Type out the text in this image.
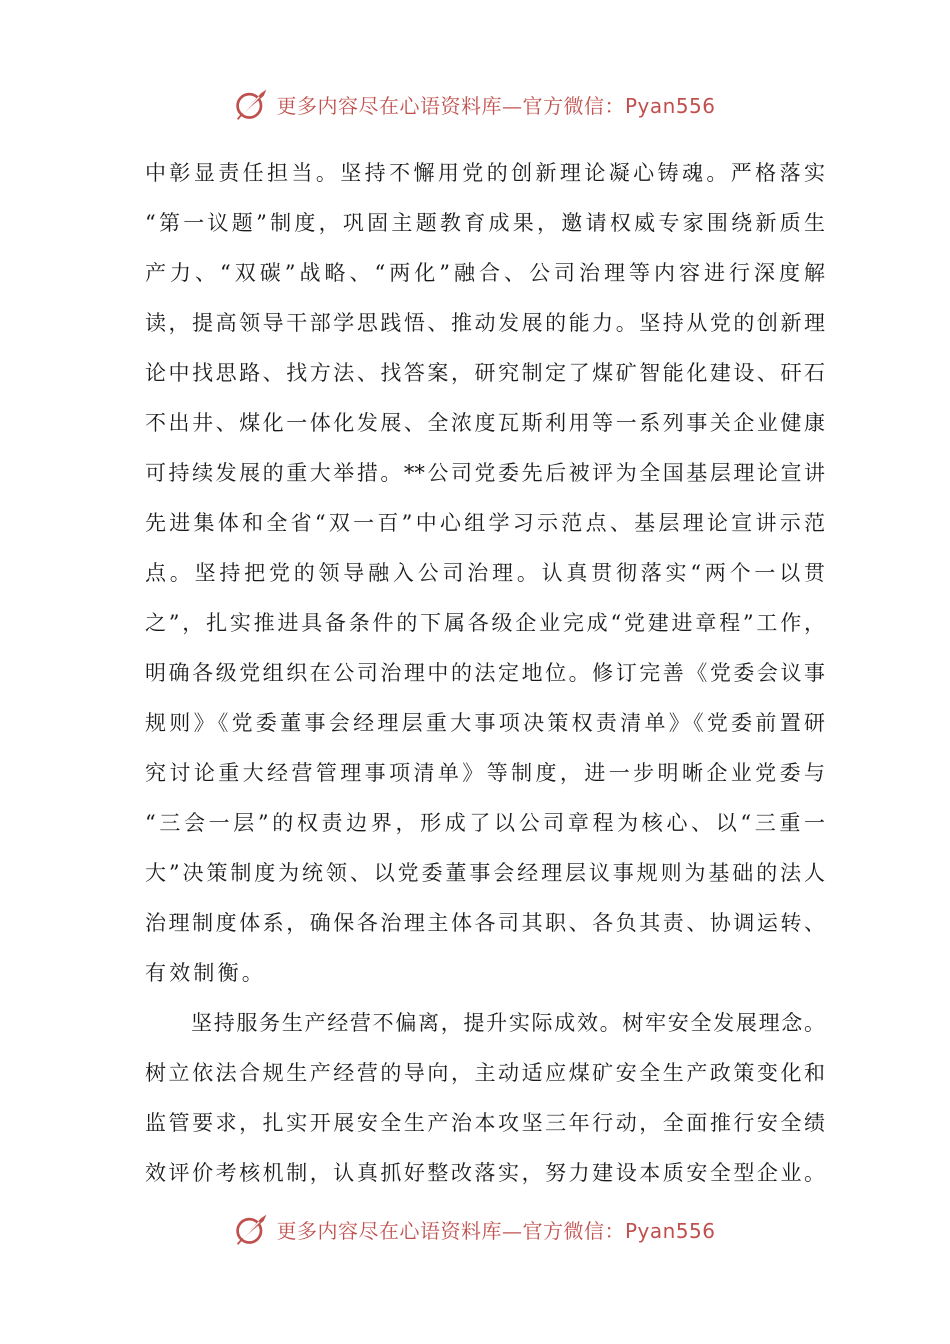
更多内容尽在心语资料库—官方微信：Pyan556
中彰显责任担当。坚持不懈用党的创新理论凝心铸魂。严格落实
“第一议题”制度，巩固主题教育成果，邀请权威专家围绕新质生
产力、“双碳”战略、“两化”融合、公司治理等内容进行深度解
读，提高领导干部学思践悟、推动发展的能力。坚持从党的创新理
论中找思路、找方法、找答案，研究制定了煤矿智能化建设、矸石
不出井、煤化一体化发展、全浓度瓦斯利用等一系列事关企业健康
可持续发展的重大举措。**公司党委先后被评为全国基层理论宣讲
先进集体和全省“双一百”中心组学习示范点、基层理论宣讲示范
点。坚持把党的领导融入公司治理。认真贯彻落实“两个一以贯
之”，扎实推进具备条件的下属各级企业完成“党建进章程”工作，
明确各级党组织在公司治理中的法定地位。修订完善《党委会议事
规则》《党委董事会经理层重大事项决策权责清单》《党委前置研
究讨论重大经营管理事项清单》等制度，进一步明晰企业党委与
“三会一层”的权责边界，形成了以公司章程为核心、以“三重一
大”决策制度为统领、以党委董事会经理层议事规则为基础的法人
治理制度体系，确保各治理主体各司其职、各负其责、协调运转、
有效制衡。
坚持服务生产经营不偏离，提升实际成效。树牢安全发展理念。
树立依法合规生产经营的导向，主动适应煤矿安全生产政策变化和
监管要求，扎实开展安全生产治本攻坚三年行动，全面推行安全绩
效评价考核机制，认真抓好整改落实，努力建设本质安全型企业。
更多内容尽在心语资料库—官方微信：Pyan556
